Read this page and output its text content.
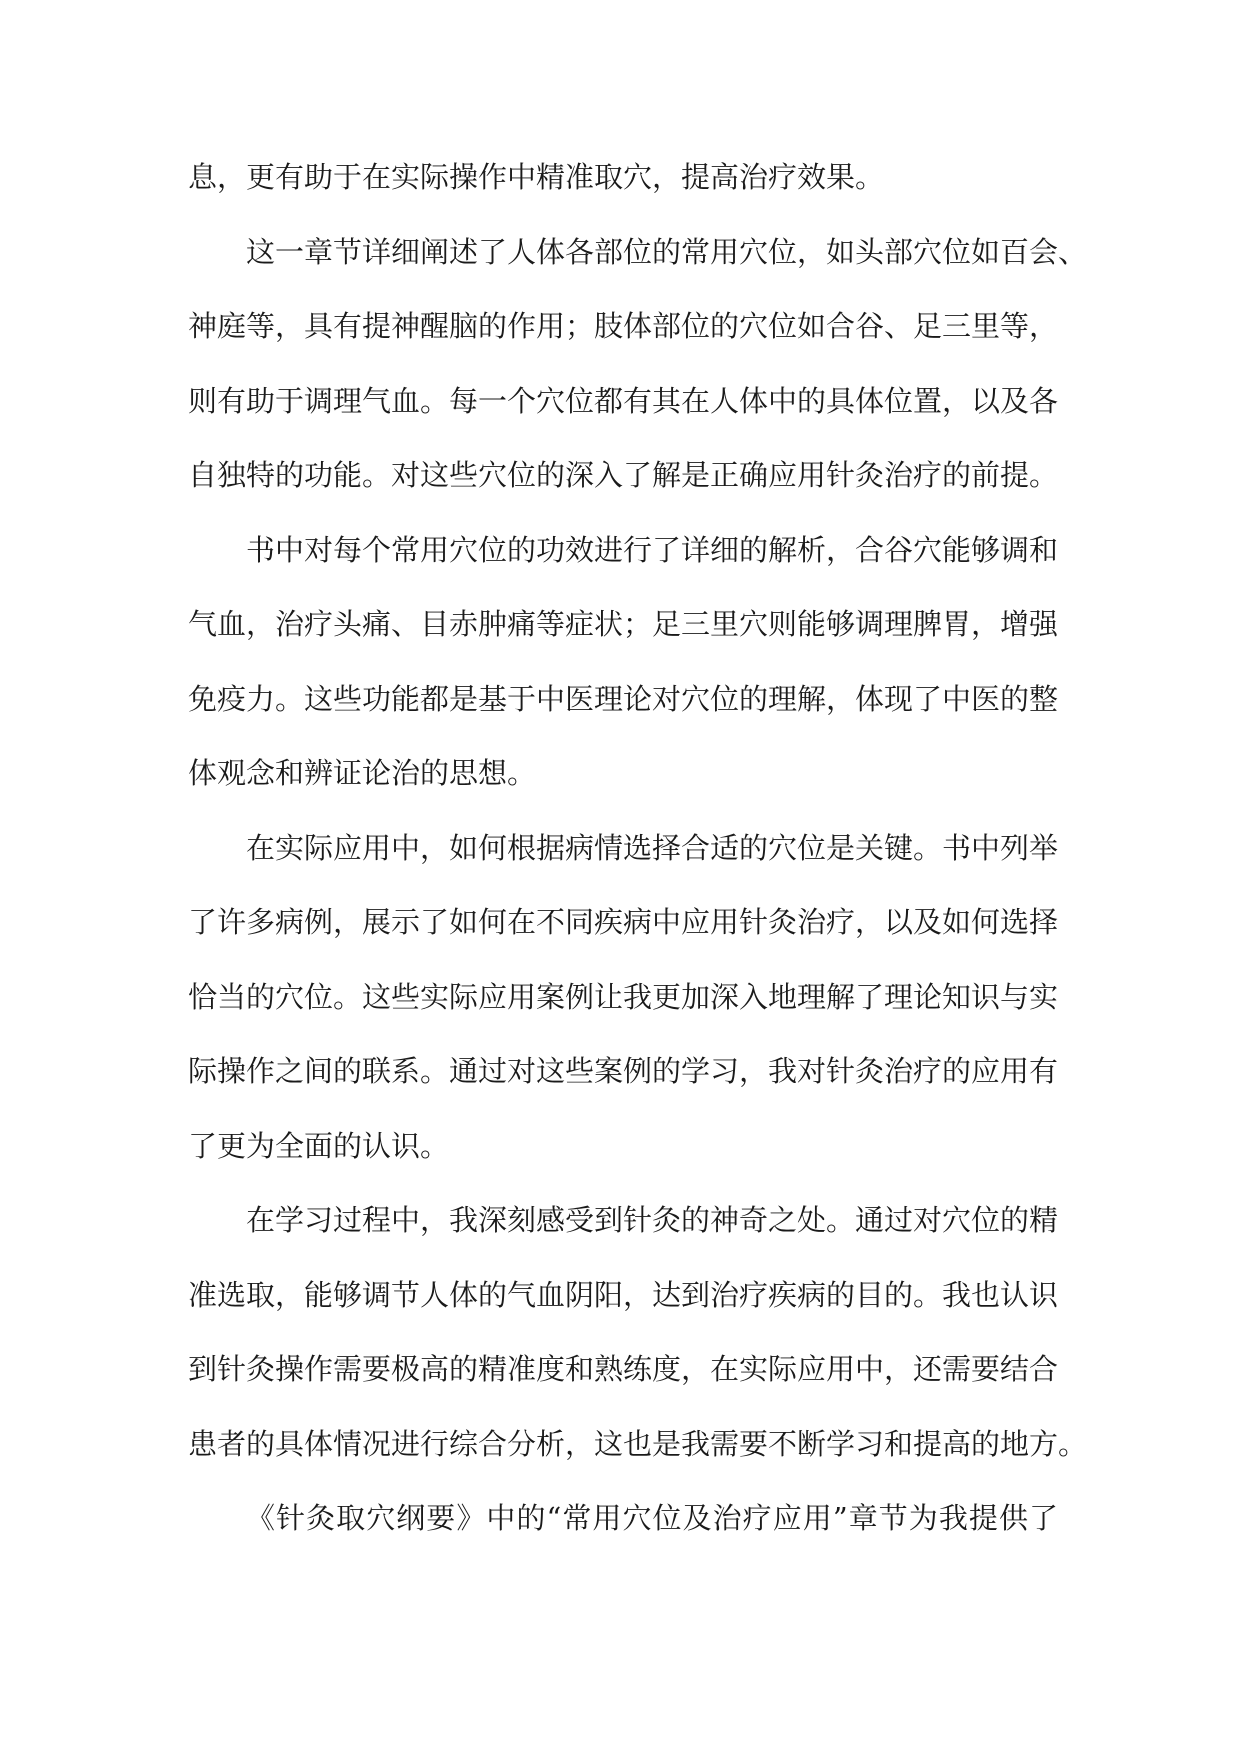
息，更有助于在实际操作中精准取穴，提高治疗效果。
这一章节详细阐述了人体各部位的常用穴位，如头部穴位如百会、
神庭等，具有提神醒脑的作用；肢体部位的穴位如合谷、足三里等，
则有助于调理气血。每一个穴位都有其在人体中的具体位置，以及各
自独特的功能。对这些穴位的深入了解是正确应用针灸治疗的前提。
书中对每个常用穴位的功效进行了详细的解析，合谷穴能够调和
气血，治疗头痛、目赤肿痛等症状；足三里穴则能够调理脾胃，增强
免疫力。这些功能都是基于中医理论对穴位的理解，体现了中医的整
体观念和辨证论治的思想。
在实际应用中，如何根据病情选择合适的穴位是关键。书中列举
了许多病例，展示了如何在不同疾病中应用针灸治疗，以及如何选择
恰当的穴位。这些实际应用案例让我更加深入地理解了理论知识与实
际操作之间的联系。通过对这些案例的学习，我对针灸治疗的应用有
了更为全面的认识。
在学习过程中，我深刻感受到针灸的神奇之处。通过对穴位的精
准选取，能够调节人体的气血阴阳，达到治疗疾病的目的。我也认识
到针灸操作需要极高的精准度和熟练度，在实际应用中，还需要结合
患者的具体情况进行综合分析，这也是我需要不断学习和提高的地方。
《针灸取穴纲要》中的“常用穴位及治疗应用”章节为我提供了
